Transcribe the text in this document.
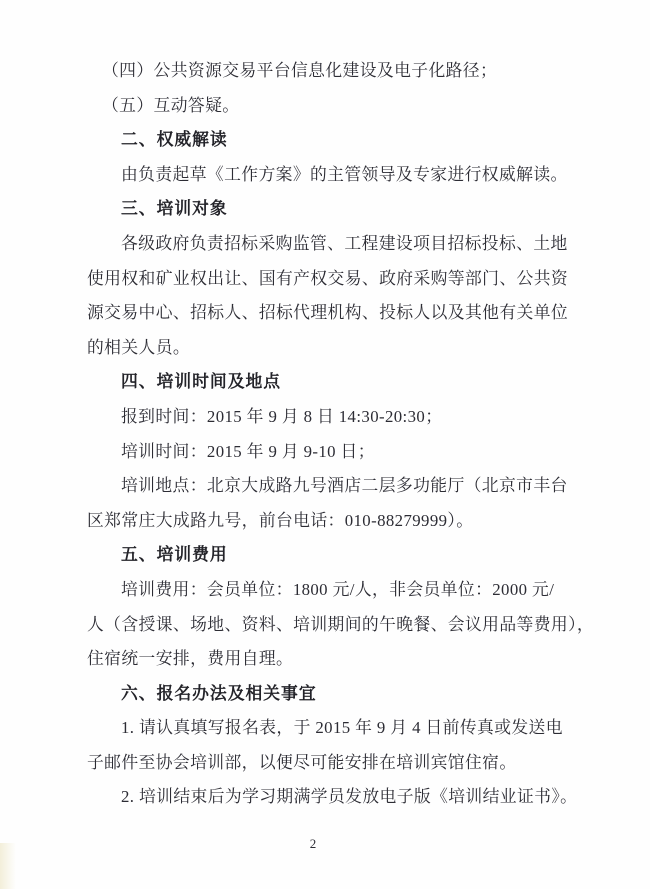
（四）公共资源交易平台信息化建设及电子化路径；
（五）互动答疑。
二、权威解读
由负责起草《工作方案》的主管领导及专家进行权威解读。
三、培训对象
各级政府负责招标采购监管、工程建设项目招标投标、土地
使用权和矿业权出让、国有产权交易、政府采购等部门、公共资
源交易中心、招标人、招标代理机构、投标人以及其他有关单位
的相关人员。
四、培训时间及地点
报到时间：2015 年 9 月 8 日 14:30-20:30；
培训时间：2015 年 9 月 9-10 日；
培训地点：北京大成路九号酒店二层多功能厅（北京市丰台
区郑常庄大成路九号，前台电话：010-88279999）。
五、培训费用
培训费用：会员单位：1800 元/人，非会员单位：2000 元/
人（含授课、场地、资料、培训期间的午晚餐、会议用品等费用），
住宿统一安排，费用自理。
六、报名办法及相关事宜
1. 请认真填写报名表，于 2015 年 9 月 4 日前传真或发送电
子邮件至协会培训部，以便尽可能安排在培训宾馆住宿。
2. 培训结束后为学习期满学员发放电子版《培训结业证书》。
2
